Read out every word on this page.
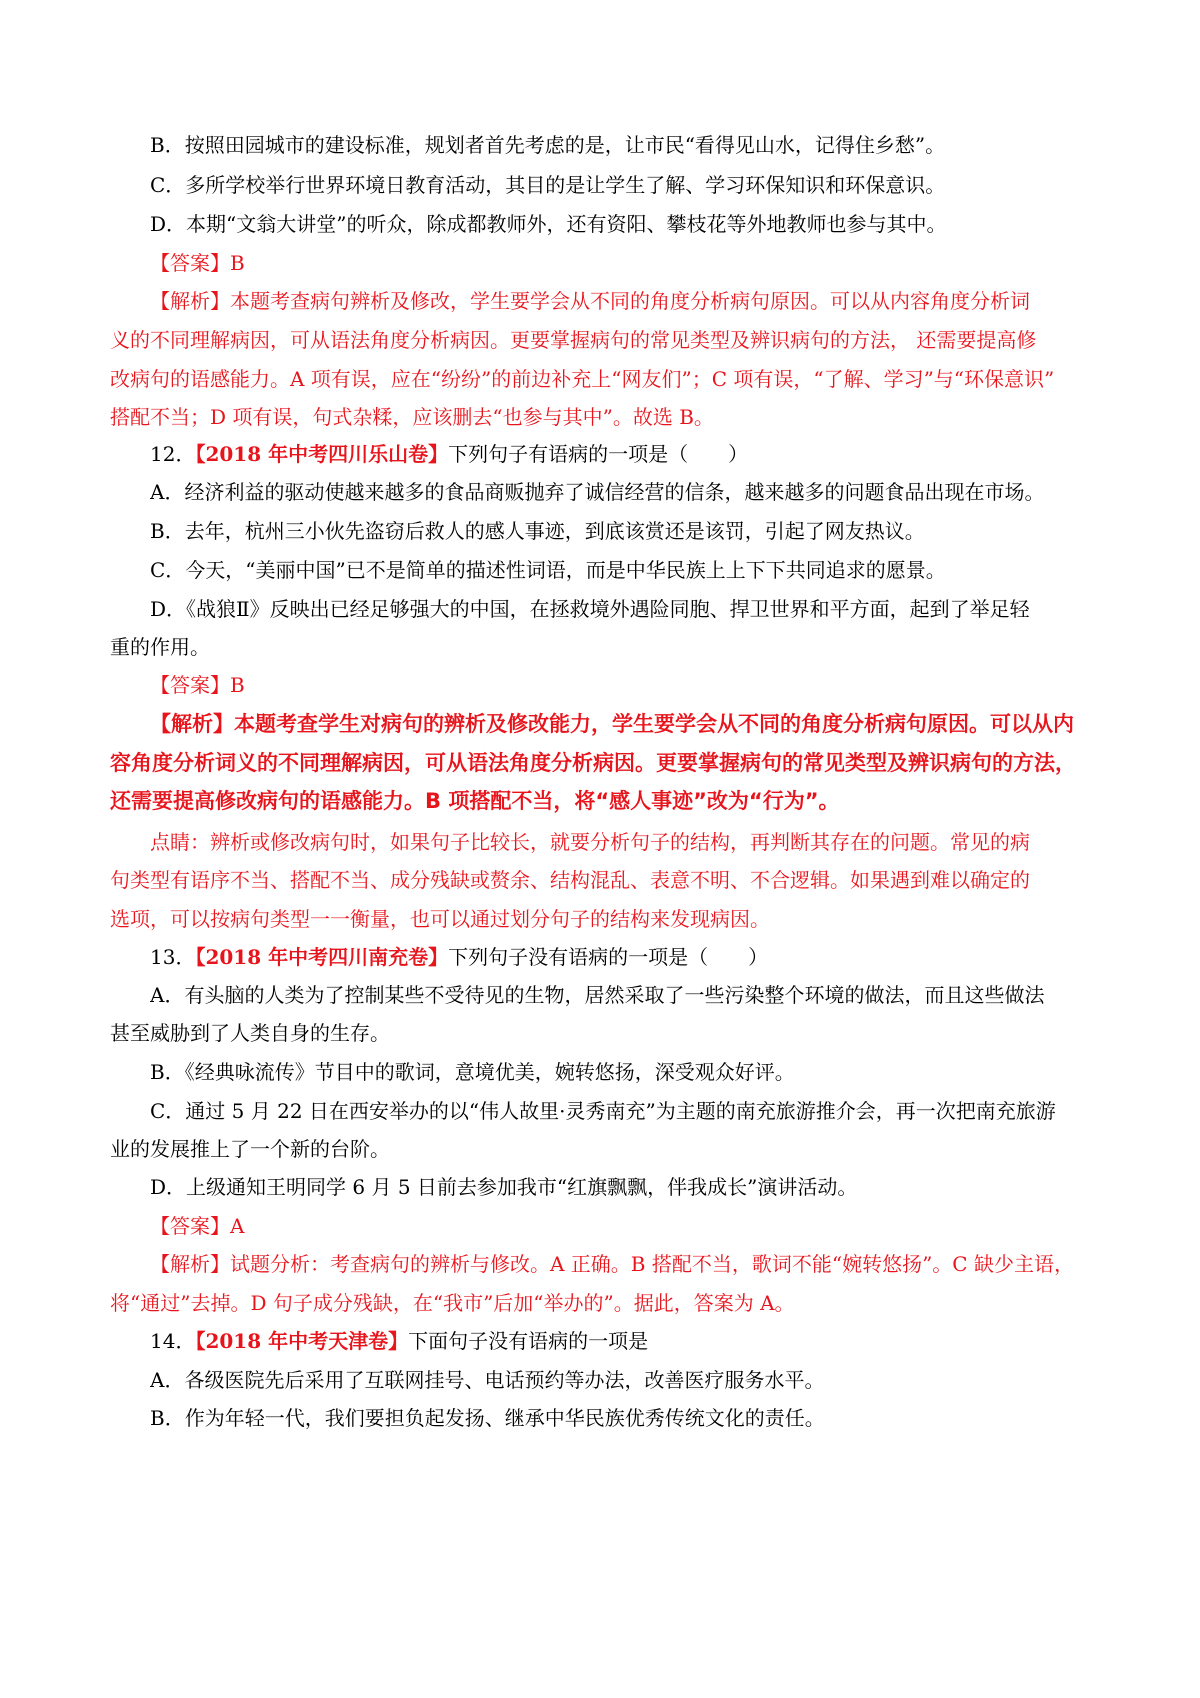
B．按照田园城市的建设标准，规划者首先考虑的是，让市民“看得见山水，记得住乡愁”。
C．多所学校举行世界环境日教育活动，其目的是让学生了解、学习环保知识和环保意识。
D．本期“文翁大讲堂”的听众，除成都教师外，还有资阳、攀枝花等外地教师也参与其中。
【答案】B
【解析】本题考查病句辨析及修改，学生要学会从不同的角度分析病句原因。可以从内容角度分析词
义的不同理解病因，可从语法角度分析病因。更要掌握病句的常见类型及辨识病句的方法， 还需要提高修
改病句的语感能力。A 项有误，应在“纷纷”的前边补充上“网友们”；C 项有误，“了解、学习”与“环保意识”
搭配不当；D 项有误，句式杂糅，应该删去“也参与其中”。故选 B。
12．【2018 年中考四川乐山卷】下列句子有语病的一项是（　　）
A．经济利益的驱动使越来越多的食品商贩抛弃了诚信经营的信条，越来越多的问题食品出现在市场。
B．去年，杭州三小伙先盗窃后救人的感人事迹，到底该赏还是该罚，引起了网友热议。
C．今天，“美丽中国”已不是简单的描述性词语，而是中华民族上上下下共同追求的愿景。
D．《战狼Ⅱ》反映出已经足够强大的中国，在拯救境外遇险同胞、捍卫世界和平方面，起到了举足轻
重的作用。
【答案】B
【解析】本题考查学生对病句的辨析及修改能力，学生要学会从不同的角度分析病句原因。可以从内
容角度分析词义的不同理解病因，可从语法角度分析病因。更要掌握病句的常见类型及辨识病句的方法，
还需要提高修改病句的语感能力。B 项搭配不当，将“感人事迹”改为“行为”。
点睛：辨析或修改病句时，如果句子比较长，就要分析句子的结构，再判断其存在的问题。常见的病
句类型有语序不当、搭配不当、成分残缺或赘余、结构混乱、表意不明、不合逻辑。如果遇到难以确定的
选项，可以按病句类型一一衡量，也可以通过划分句子的结构来发现病因。
13．【2018 年中考四川南充卷】下列句子没有语病的一项是（　　）
A．有头脑的人类为了控制某些不受待见的生物，居然采取了一些污染整个环境的做法，而且这些做法
甚至威胁到了人类自身的生存。
B．《经典咏流传》节目中的歌词，意境优美，婉转悠扬，深受观众好评。
C．通过 5 月 22 日在西安举办的以“伟人故里·灵秀南充”为主题的南充旅游推介会，再一次把南充旅游
业的发展推上了一个新的台阶。
D．上级通知王明同学 6 月 5 日前去参加我市“红旗飘飘，伴我成长”演讲活动。
【答案】A
【解析】试题分析：考查病句的辨析与修改。A 正确。B 搭配不当，歌词不能“婉转悠扬”。C 缺少主语，
将“通过”去掉。D 句子成分残缺，在“我市”后加“举办的”。据此，答案为 A。
14．【2018 年中考天津卷】下面句子没有语病的一项是
A．各级医院先后采用了互联网挂号、电话预约等办法，改善医疗服务水平。
B．作为年轻一代，我们要担负起发扬、继承中华民族优秀传统文化的责任。
